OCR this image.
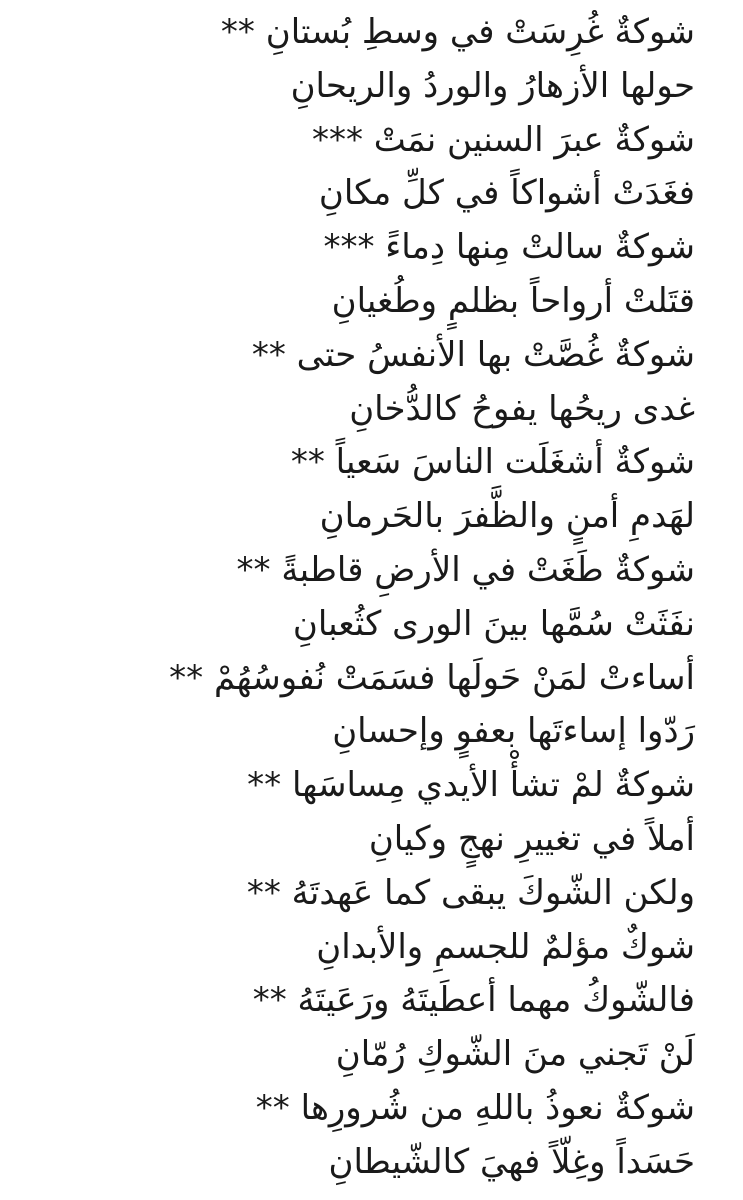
شوكةٌ غُرِسَتْ في وسطِ بُستانِ **
حولها الأزهارُ والوردُ والريحانِ
شوكةٌ عبرَ السنين نمَتْ ***
فغَدَتْ أشواكاً في كلِّ مكانِ
شوكةٌ سالتْ مِنها دِماءً ***
قتَلتْ أرواحاً بظلمٍ وطُغيانِ
شوكةٌ غُصَّتْ بها الأنفسُ حتى **
غدى ريحُها يفوحُ كالدُّخانِ
شوكةٌ أشغَلَت الناسَ سَعياً **
لهَدمِ أمنٍ والظَّفرَ بالحَرمانِ
شوكةٌ طَغَتْ في الأرضِ قاطبةً **
نفَثَتْ سُمَّها بينَ الورى كثُعبانِ
أساءتْ لمَنْ حَولَها فسَمَتْ نُفوسُهُمْ **
رَدّوا إساءتَها بعفوٍ وإحسانِ
شوكةٌ لمْ تشأْ الأيدي مِساسَها **
أملاً في تغييرِ نهجٍ وكيانِ
ولكن الشّوكَ يبقى كما عَهدتَهُ **
شوكٌ مؤلمٌ للجسمِ والأبدانِ
فالشّوكُ مهما أعطَيتَهُ ورَعَيتَهُ **
لَنْ تَجني منَ الشّوكِ رُمّانِ
شوكةٌ نعوذُ باللهِ من شُرورِها **
حَسَداً وغِلّاً فهيَ كالشّيطانِ
